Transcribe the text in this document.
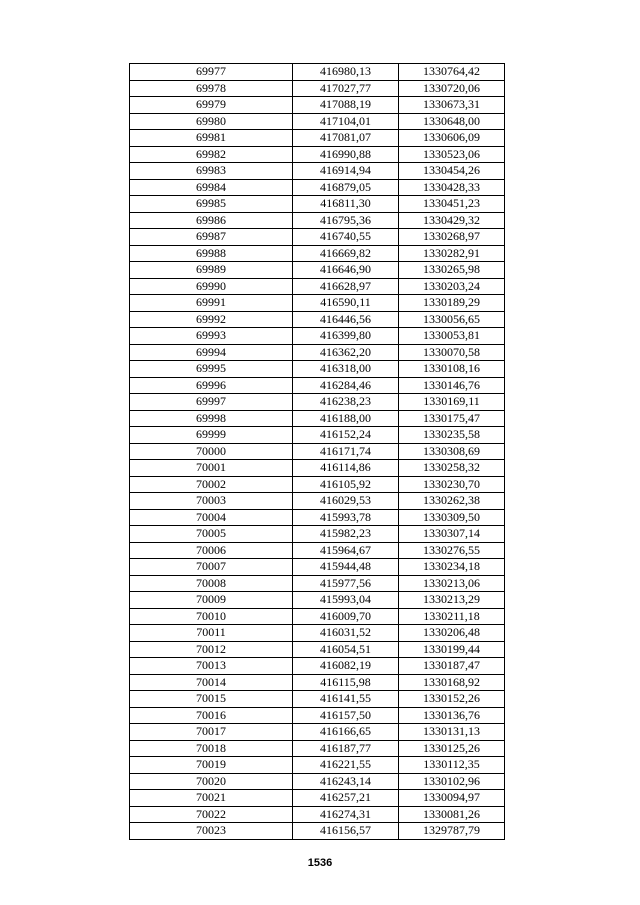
69977	416980,13	1330764,42
69978	417027,77	1330720,06
69979	417088,19	1330673,31
69980	417104,01	1330648,00
69981	417081,07	1330606,09
69982	416990,88	1330523,06
69983	416914,94	1330454,26
69984	416879,05	1330428,33
69985	416811,30	1330451,23
69986	416795,36	1330429,32
69987	416740,55	1330268,97
69988	416669,82	1330282,91
69989	416646,90	1330265,98
69990	416628,97	1330203,24
69991	416590,11	1330189,29
69992	416446,56	1330056,65
69993	416399,80	1330053,81
69994	416362,20	1330070,58
69995	416318,00	1330108,16
69996	416284,46	1330146,76
69997	416238,23	1330169,11
69998	416188,00	1330175,47
69999	416152,24	1330235,58
70000	416171,74	1330308,69
70001	416114,86	1330258,32
70002	416105,92	1330230,70
70003	416029,53	1330262,38
70004	415993,78	1330309,50
70005	415982,23	1330307,14
70006	415964,67	1330276,55
70007	415944,48	1330234,18
70008	415977,56	1330213,06
70009	415993,04	1330213,29
70010	416009,70	1330211,18
70011	416031,52	1330206,48
70012	416054,51	1330199,44
70013	416082,19	1330187,47
70014	416115,98	1330168,92
70015	416141,55	1330152,26
70016	416157,50	1330136,76
70017	416166,65	1330131,13
70018	416187,77	1330125,26
70019	416221,55	1330112,35
70020	416243,14	1330102,96
70021	416257,21	1330094,97
70022	416274,31	1330081,26
70023	416156,57	1329787,79
1536
